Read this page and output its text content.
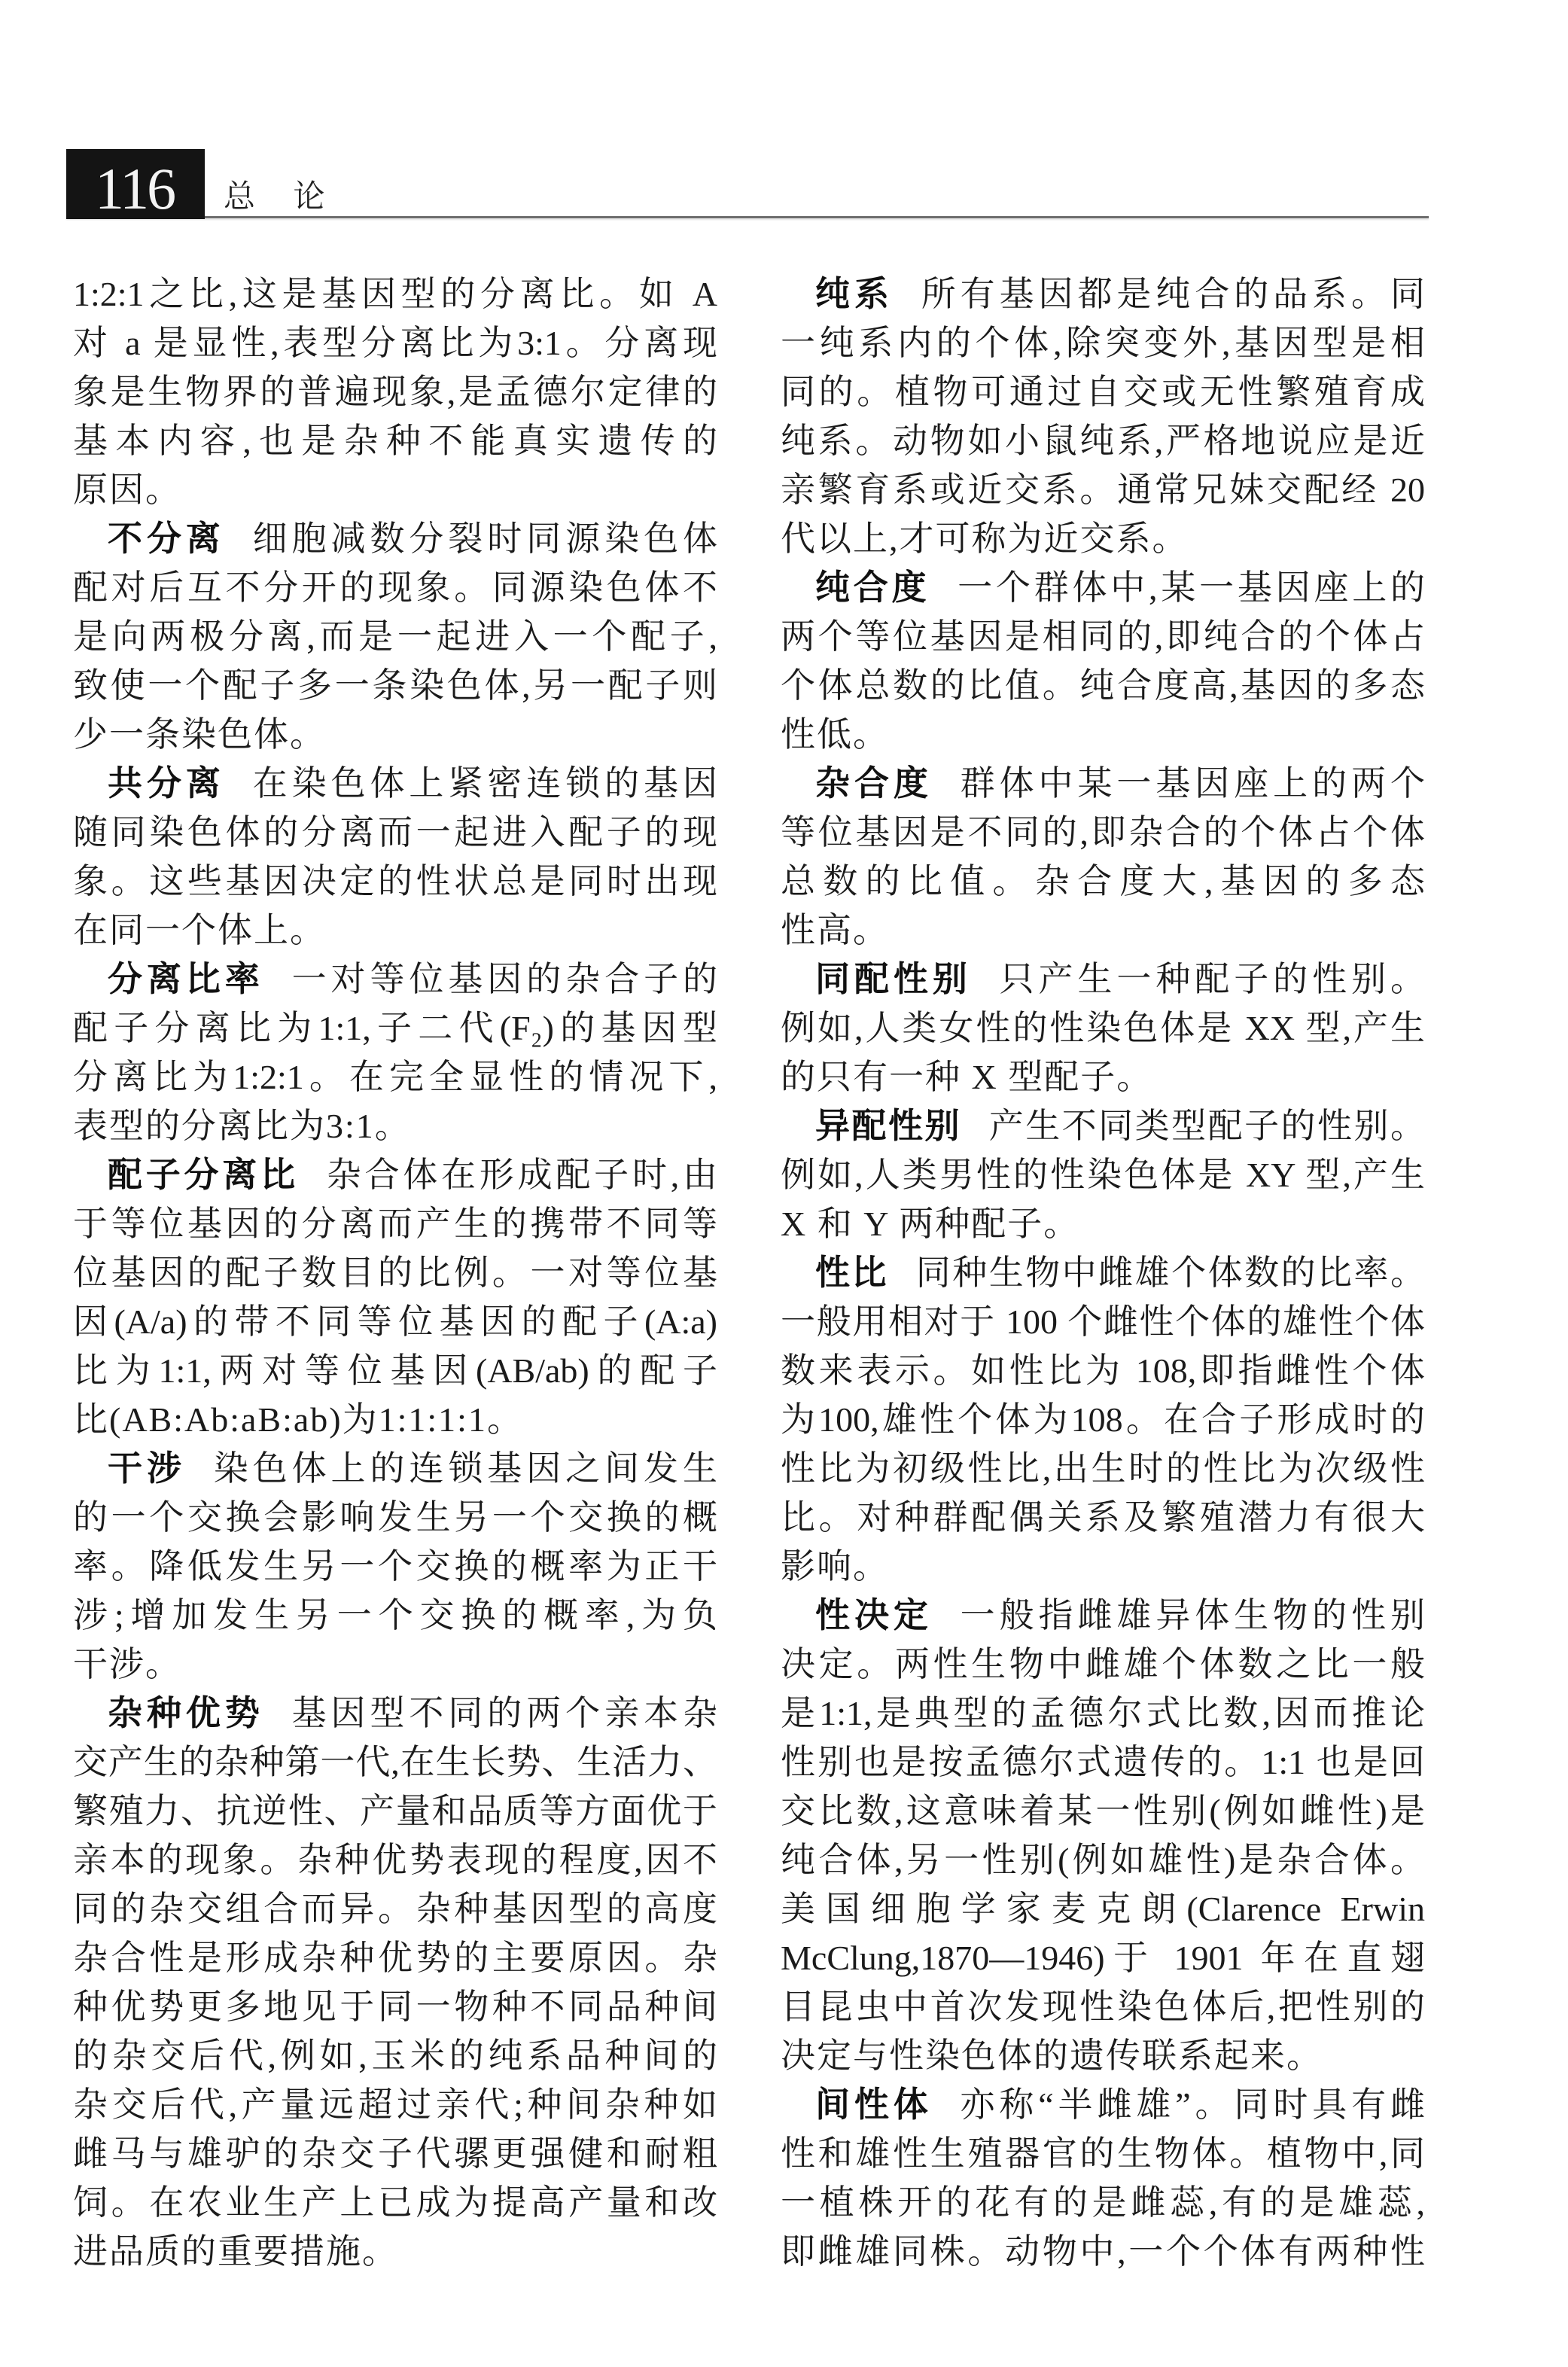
116 总 论
1:2:1之比,这是基因型的分离比。如 A
对 a 是显性,表型分离比为3:1。分离现
象是生物界的普遍现象,是孟德尔定律的
基本内容,也是杂种不能真实遗传的
原因。
不分离 细胞减数分裂时同源染色体
配对后互不分开的现象。同源染色体不
是向两极分离,而是一起进入一个配子,
致使一个配子多一条染色体,另一配子则
少一条染色体。
共分离 在染色体上紧密连锁的基因
随同染色体的分离而一起进入配子的现
象。这些基因决定的性状总是同时出现
在同一个体上。
分离比率 一对等位基因的杂合子的
配子分离比为1:1,子二代(F₂)的基因型
分离比为1:2:1。在完全显性的情况下,
表型的分离比为3:1。
配子分离比 杂合体在形成配子时,由
于等位基因的分离而产生的携带不同等
位基因的配子数目的比例。一对等位基
因(A/a)的带不同等位基因的配子(A:a)
比为1:1,两对等位基因(AB/ab)的配子
比(AB:Ab:aB:ab)为1:1:1:1。
干涉 染色体上的连锁基因之间发生
的一个交换会影响发生另一个交换的概
率。降低发生另一个交换的概率为正干
涉;增加发生另一个交换的概率,为负
干涉。
杂种优势 基因型不同的两个亲本杂
交产生的杂种第一代,在生长势、生活力、
繁殖力、抗逆性、产量和品质等方面优于
亲本的现象。杂种优势表现的程度,因不
同的杂交组合而异。杂种基因型的高度
杂合性是形成杂种优势的主要原因。杂
种优势更多地见于同一物种不同品种间
的杂交后代,例如,玉米的纯系品种间的
杂交后代,产量远超过亲代;种间杂种如
雌马与雄驴的杂交子代骡更强健和耐粗
饲。在农业生产上已成为提高产量和改
进品质的重要措施。
纯系 所有基因都是纯合的品系。同
一纯系内的个体,除突变外,基因型是相
同的。植物可通过自交或无性繁殖育成
纯系。动物如小鼠纯系,严格地说应是近
亲繁育系或近交系。通常兄妹交配经 20
代以上,才可称为近交系。
纯合度 一个群体中,某一基因座上的
两个等位基因是相同的,即纯合的个体占
个体总数的比值。纯合度高,基因的多态
性低。
杂合度 群体中某一基因座上的两个
等位基因是不同的,即杂合的个体占个体
总数的比值。杂合度大,基因的多态
性高。
同配性别 只产生一种配子的性别。
例如,人类女性的性染色体是 XX 型,产生
的只有一种 X 型配子。
异配性别 产生不同类型配子的性别。
例如,人类男性的性染色体是 XY 型,产生
X 和 Y 两种配子。
性比 同种生物中雌雄个体数的比率。
一般用相对于 100 个雌性个体的雄性个体
数来表示。如性比为 108,即指雌性个体
为100,雄性个体为108。在合子形成时的
性比为初级性比,出生时的性比为次级性
比。对种群配偶关系及繁殖潜力有很大
影响。
性决定 一般指雌雄异体生物的性别
决定。两性生物中雌雄个体数之比一般
是1:1,是典型的孟德尔式比数,因而推论
性别也是按孟德尔式遗传的。1:1 也是回
交比数,这意味着某一性别(例如雌性)是
纯合体,另一性别(例如雄性)是杂合体。
美国细胞学家麦克朗(Clarence Erwin
McClung,1870—1946)于 1901 年在直翅
目昆虫中首次发现性染色体后,把性别的
决定与性染色体的遗传联系起来。
间性体 亦称“半雌雄”。同时具有雌
性和雄性生殖器官的生物体。植物中,同
一植株开的花有的是雌蕊,有的是雄蕊,
即雌雄同株。动物中,一个个体有两种性
